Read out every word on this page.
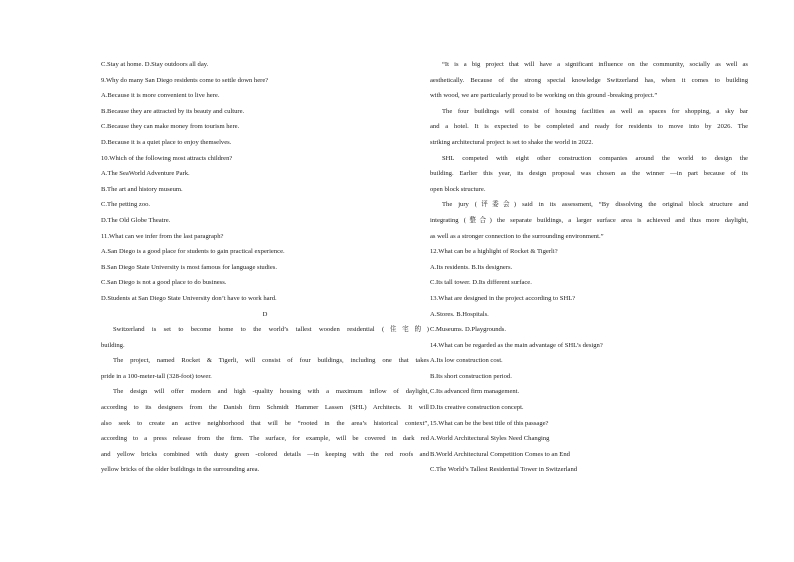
C.Stay at home. D.Stay outdoors all day.
9.Why do many San Diego residents come to settle down here?
A.Because it is more convenient to live here.
B.Because they are attracted by its beauty and culture.
C.Because they can make money from tourism here.
D.Because it is a quiet place to enjoy themselves.
10.Which of the following most attracts children?
A.The SeaWorld Adventure Park.
B.The art and history museum.
C.The petting zoo.
D.The Old Globe Theatre.
11.What can we infer from the last paragraph?
A.San Diego is a good place for students to gain practical experience.
B.San Diego State University is most famous for language studies.
C.San Diego is not a good place to do business.
D.Students at San Diego State University don’t have to work hard.
D
Switzerland is set to become home to the world’s tallest wooden residential (住宅的)
building.
The project, named Rocket & Tigerli, will consist of four buildings, including one that takes
pride in a 100-meter-tall (328-foot) tower.
The design will offer modern and high -quality housing with a maximum inflow of daylight,
according to its designers from the Danish firm Schmidt Hammer Lassen (SHL) Architects. It will
also seek to create an active neighborhood that will be “rooted in the area’s historical context”,
according to a press release from the firm. The surface, for example, will be covered in dark red
and yellow bricks combined with dusty green -colored details —in keeping with the red roofs and
yellow bricks of the older buildings in the surrounding area.
“It is a big project that will have a significant influence on the community, socially as well as
aesthetically. Because of the strong special knowledge Switzerland has, when it comes to building
with wood, we are particularly proud to be working on this ground -breaking project.”
The four buildings will consist of housing facilities as well as spaces for shopping, a sky bar
and a hotel. It is expected to be completed and ready for residents to move into by 2026. The
striking architectural project is set to shake the world in 2022.
SHL competed with eight other construction companies around the world to design the
building. Earlier this year, its design proposal was chosen as the winner —in part because of its
open block structure.
The jury (评委会) said in its assessment, “By dissolving the original block structure and
integrating (整合) the separate buildings, a larger surface area is achieved and thus more daylight,
as well as a stronger connection to the surrounding environment.”
12.What can be a highlight of Rocket & Tigerli?
A.Its residents. B.Its designers.
C.Its tall tower. D.Its different surface.
13.What are designed in the project according to SHL?
A.Stores. B.Hospitals.
C.Museums. D.Playgrounds.
14.What can be regarded as the main advantage of SHL’s design?
A.Its low construction cost.
B.Its short construction period.
C.Its advanced firm management.
D.Its creative construction concept.
15.What can be the best title of this passage?
A.World Architectural Styles Need Changing
B.World Architectural Competition Comes to an End
C.The World’s Tallest Residential Tower in Switzerland
